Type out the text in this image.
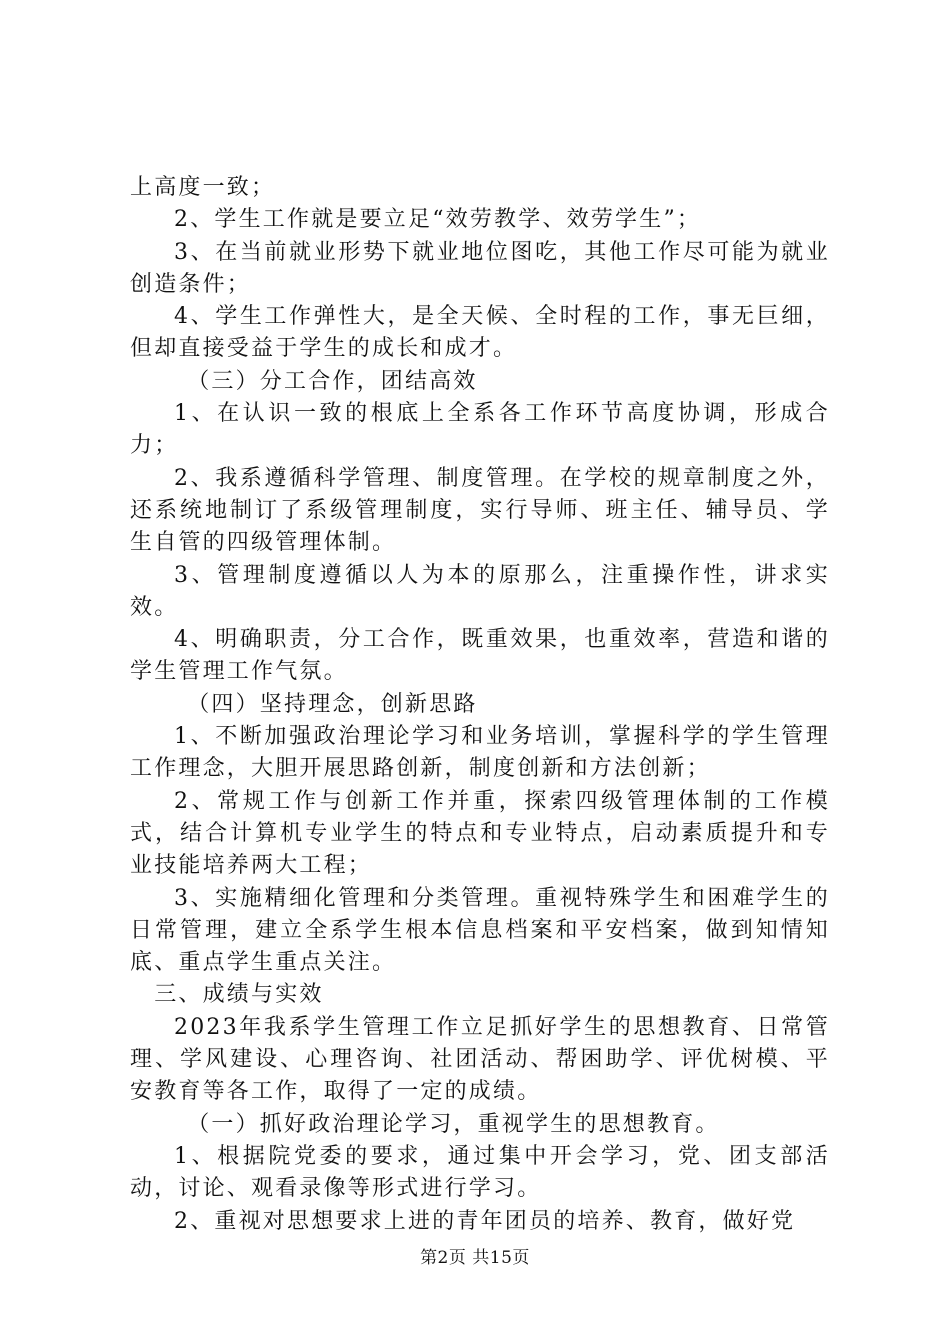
上高度一致；

2、学生工作就是要立足“效劳教学、效劳学生”；

3、在当前就业形势下就业地位图吃，其他工作尽可能为就业创造条件；

4、学生工作弹性大，是全天候、全时程的工作，事无巨细，但却直接受益于学生的成长和成才。

（三）分工合作，团结高效

1、在认识一致的根底上全系各工作环节高度协调，形成合力；

2、我系遵循科学管理、制度管理。在学校的规章制度之外，还系统地制订了系级管理制度，实行导师、班主任、辅导员、学生自管的四级管理体制。

3、管理制度遵循以人为本的原那么，注重操作性，讲求实效。

4、明确职责，分工合作，既重效果，也重效率，营造和谐的学生管理工作气氛。

（四）坚持理念，创新思路

1、不断加强政治理论学习和业务培训，掌握科学的学生管理工作理念，大胆开展思路创新，制度创新和方法创新；

2、常规工作与创新工作并重，探索四级管理体制的工作模式，结合计算机专业学生的特点和专业特点，启动素质提升和专业技能培养两大工程；

3、实施精细化管理和分类管理。重视特殊学生和困难学生的日常管理，建立全系学生根本信息档案和平安档案，做到知情知底、重点学生重点关注。

三、成绩与实效

2023年我系学生管理工作立足抓好学生的思想教育、日常管理、学风建设、心理咨询、社团活动、帮困助学、评优树模、平安教育等各工作，取得了一定的成绩。

（一）抓好政治理论学习，重视学生的思想教育。

1、根据院党委的要求，通过集中开会学习，党、团支部活动，讨论、观看录像等形式进行学习。

2、重视对思想要求上进的青年团员的培养、教育，做好党

第2页 共15页
